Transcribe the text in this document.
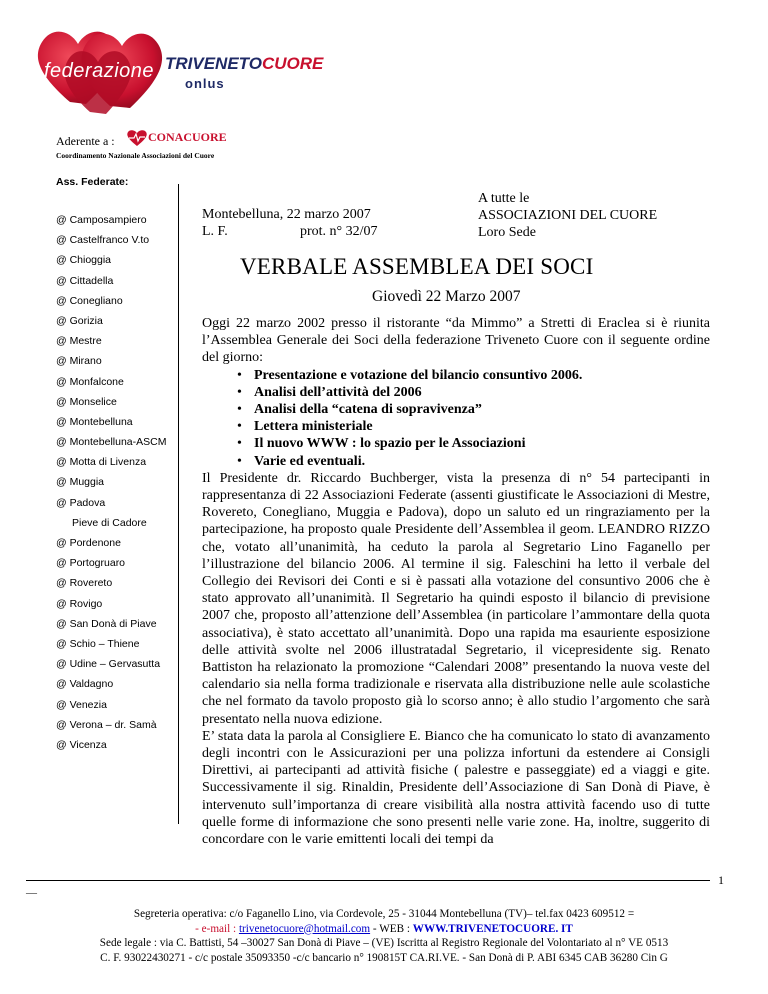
federazione TRIVENETOCUORE
onlus
Aderente a :	CONACUORE
Coordinamento Nazionale Associazioni del Cuore
Ass. Federate:
@ Camposampiero
@ Castelfranco V.to
@ Chioggia
@ Cittadella
@ Conegliano
@ Gorizia
@ Mestre
@ Mirano
@ Monfalcone
@ Monselice
@ Montebelluna
@ Montebelluna-ASCM
@ Motta di Livenza
@ Muggia
@ Padova
Pieve di Cadore
@ Pordenone
@ Portogruaro
@ Rovereto
@ Rovigo
@ San Donà di Piave
@ Schio – Thiene
@ Udine – Gervasutta
@ Valdagno
@ Venezia
@ Verona – dr. Samà
@ Vicenza
Montebelluna, 22 marzo 2007
L. F.	prot. n° 32/07
A tutte le
ASSOCIAZIONI DEL CUORE
Loro Sede
VERBALE ASSEMBLEA DEI SOCI
Giovedì 22 Marzo 2007

Oggi 22 marzo 2002 presso il ristorante “da Mimmo” a Stretti di Eraclea si è riunita l’Assemblea Generale dei Soci della federazione Triveneto Cuore con il seguente ordine del giorno:

• Presentazione e votazione del bilancio consuntivo 2006.
• Analisi dell’attività del 2006
• Analisi della “catena di sopravivenza”
• Lettera ministeriale
• Il nuovo WWW : lo spazio per le Associazioni
• Varie ed eventuali.

Il Presidente dr. Riccardo Buchberger, vista la presenza di n° 54 partecipanti in rappresentanza di 22 Associazioni Federate (assenti giustificate le Associazioni di Mestre, Rovereto, Conegliano, Muggia e Padova), dopo un saluto ed un ringraziamento per la partecipazione, ha proposto quale Presidente dell’Assemblea il geom. LEANDRO RIZZO che, votato all’unanimità, ha ceduto la parola al Segretario Lino Faganello per l’illustrazione del bilancio 2006. Al termine il sig. Faleschini ha letto il verbale del Collegio dei Revisori dei Conti e si è passati alla votazione del consuntivo 2006 che è stato approvato all’unanimità. Il Segretario ha quindi esposto il bilancio di previsione 2007 che, proposto all’attenzione dell’Assemblea (in particolare l’ammontare della quota associativa), è stato accettato all’unanimità. Dopo una rapida ma esauriente esposizione delle attività svolte nel 2006 illustratadal Segretario, il vicepresidente sig. Renato Battiston ha relazionato la promozione “Calendari 2008” presentando la nuova veste del calendario sia nella forma tradizionale e riservata alla distribuzione nelle aule scolastiche che nel formato da tavolo proposto già lo scorso anno; è allo studio l’argomento che sarà presentato nella nuova edizione.

E’ stata data la parola al Consigliere E. Bianco che ha comunicato lo stato di avanzamento degli incontri con le Assicurazioni per una polizza infortuni da estendere ai Consigli Direttivi, ai partecipanti ad attività fisiche ( palestre e passeggiate) ed a viaggi e gite. Successivamente il sig. Rinaldin, Presidente dell’Associazione di San Donà di Piave, è intervenuto sull’importanza di creare visibilità alla nostra attività facendo uso di tutte quelle forme di informazione che sono presenti nelle varie zone. Ha, inoltre, suggerito di concordare con le varie emittenti locali dei tempi da

—
1
Segreteria operativa: c/o Faganello Lino, via Cordevole, 25 - 31044 Montebelluna (TV)– tel.fax 0423 609512 =
- e-mail : trivenetocuore@hotmail.com - WEB : WWW.TRIVENETOCUORE. IT
Sede legale : via C. Battisti, 54 –30027 San Donà di Piave – (VE) Iscritta al Registro Regionale del Volontariato al n° VE 0513
C. F. 93022430271 - c/c postale 35093350 -c/c bancario n° 190815T CA.RI.VE. - San Donà di P. ABI 6345 CAB 36280 Cin G
